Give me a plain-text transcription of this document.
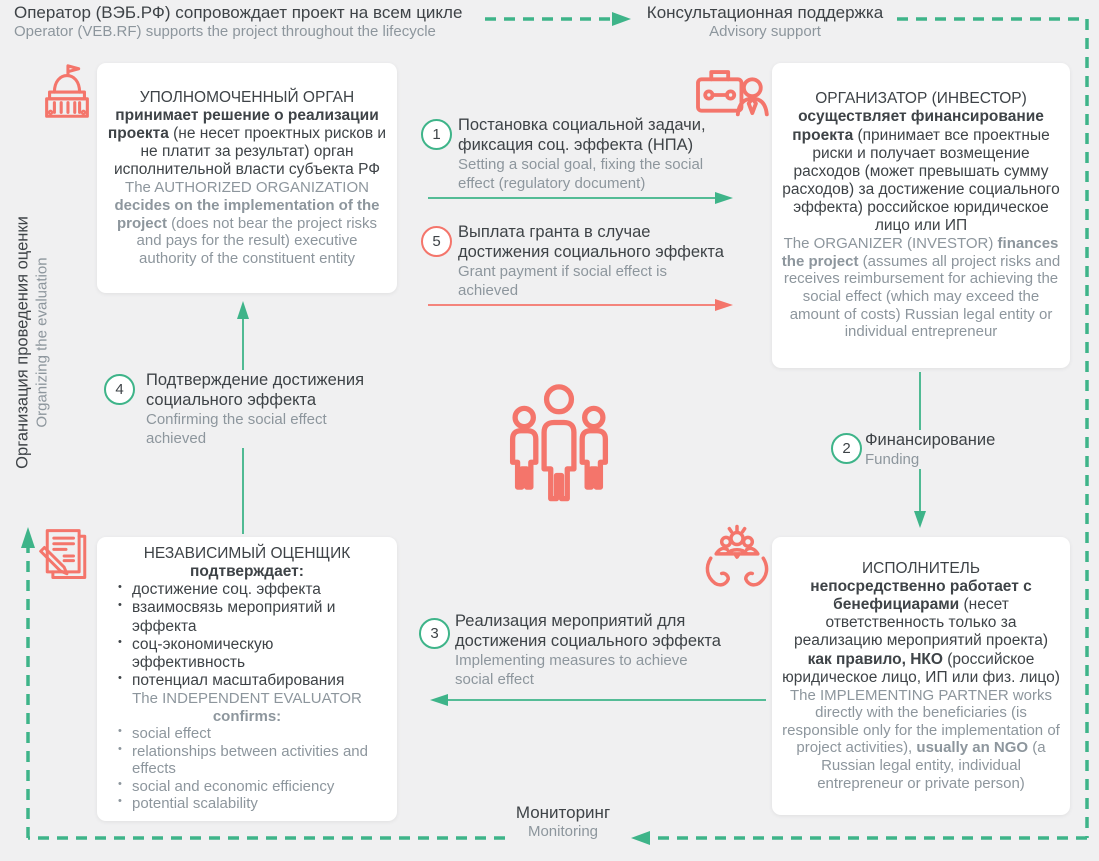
Оператор (ВЭБ.РФ) сопровождает проект на всем цикле
Operator (VEB.RF) supports the project throughout the lifecycle

Консультационная поддержка

Advisory support

Организация проведения оценки Organizing the evaluation

Мониторинг

Monitoring

УПОЛНОМОЧЕННЫЙ ОРГАН
принимает решение о реализации проекта (не несет проектных рисков и не платит за результат) орган исполнительной власти субъекта РФ

The AUTHORIZED ORGANIZATION decides on the implementation of the project (does not bear the project risks and pays for the result) executive authority of the constituent entity

ОРГАНИЗАТОР (ИНВЕСТОР)
осуществляет финансирование проекта (принимает все проектные риски и получает возмещение расходов (может превышать сумму расходов) за достижение социального эффекта) российское юридическое лицо или ИП

The ORGANIZER (INVESTOR) finances the project (assumes all project risks and receives reimbursement for achieving the social effect (which may exceed the amount of costs) Russian legal entity or individual entrepreneur

НЕЗАВИСИМЫЙ ОЦЕНЩИК
подтверждает:

• достижение соц. эффекта
• взаимосвязь мероприятий и эффекта
• соц-экономическую эффективность
• потенциал масштабирования

The INDEPENDENT EVALUATOR
confirms:

• social effect
• relationships between activities and effects
• social and economic efficiency
• potential scalability

ИСПОЛНИТЕЛЬ
непосредственно работает с бенефициарами (несет ответственность только за реализацию мероприятий проекта) как правило, НКО (российское юридическое лицо, ИП или физ. лицо)

The IMPLEMENTING PARTNER works directly with the beneficiaries (is responsible only for the implementation of project activities), usually an NGO (a Russian legal entity, individual entrepreneur or private person)

1
5
2
3
4

Постановка социальной задачи, фиксация соц. эффекта (НПА)

Setting a social goal, fixing the social effect (regulatory document)

Выплата гранта в случае достижения социального эффекта

Grant payment if social effect is achieved

Финансирование

Funding

Реализация мероприятий для достижения социального эффекта

Implementing measures to achieve social effect

Подтверждение достижения социального эффекта

Confirming the social effect achieved
